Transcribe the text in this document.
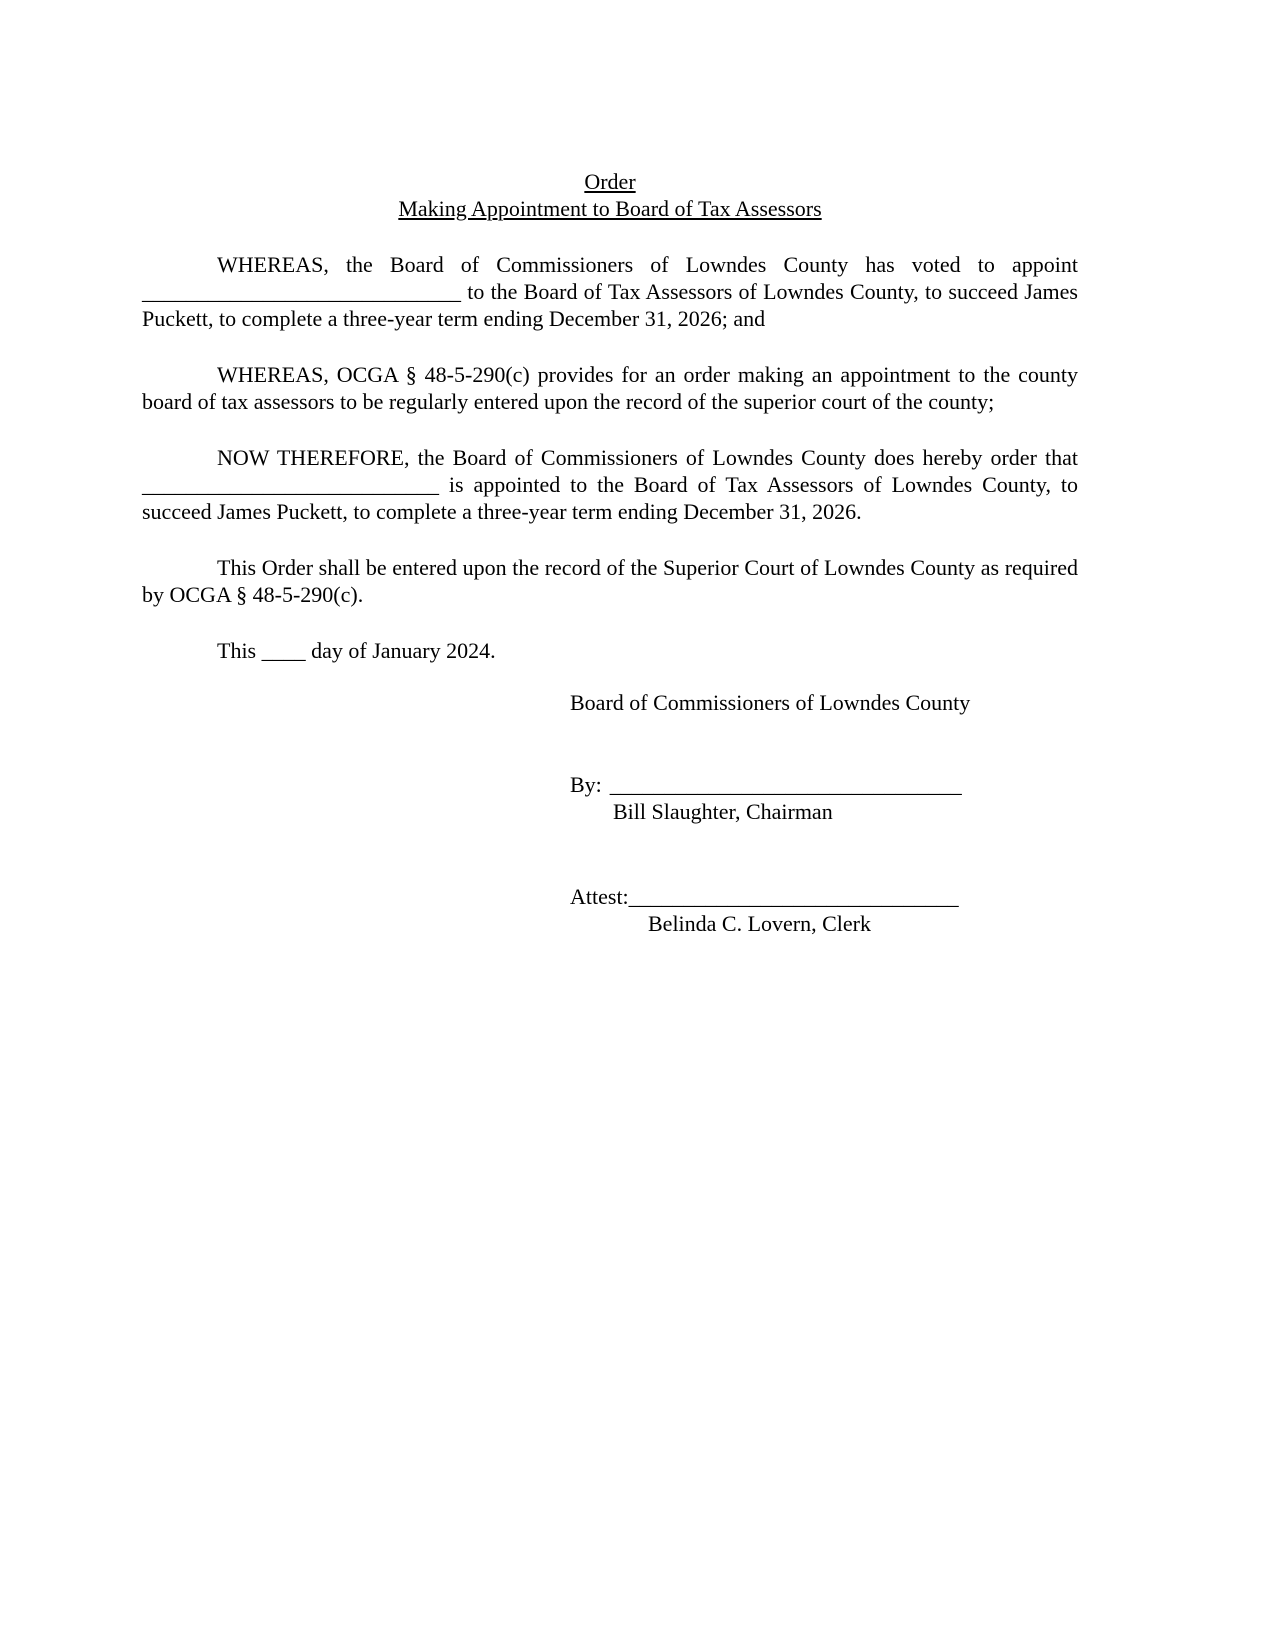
Order
Making Appointment to Board of Tax Assessors

WHEREAS, the Board of Commissioners of Lowndes County has voted to appoint _____________________________ to the Board of Tax Assessors of Lowndes County, to succeed James Puckett, to complete a three-year term ending December 31, 2026; and

WHEREAS, OCGA § 48-5-290(c) provides for an order making an appointment to the county board of tax assessors to be regularly entered upon the record of the superior court of the county;

NOW THEREFORE, the Board of Commissioners of Lowndes County does hereby order that ___________________________ is appointed to the Board of Tax Assessors of Lowndes County, to succeed James Puckett, to complete a three-year term ending December 31, 2026.

This Order shall be entered upon the record of the Superior Court of Lowndes County as required by OCGA § 48-5-290(c).

This ____ day of January 2024.

Board of Commissioners of Lowndes County
By: ________________________________
Bill Slaughter, Chairman
Attest:______________________________
Belinda C. Lovern, Clerk
